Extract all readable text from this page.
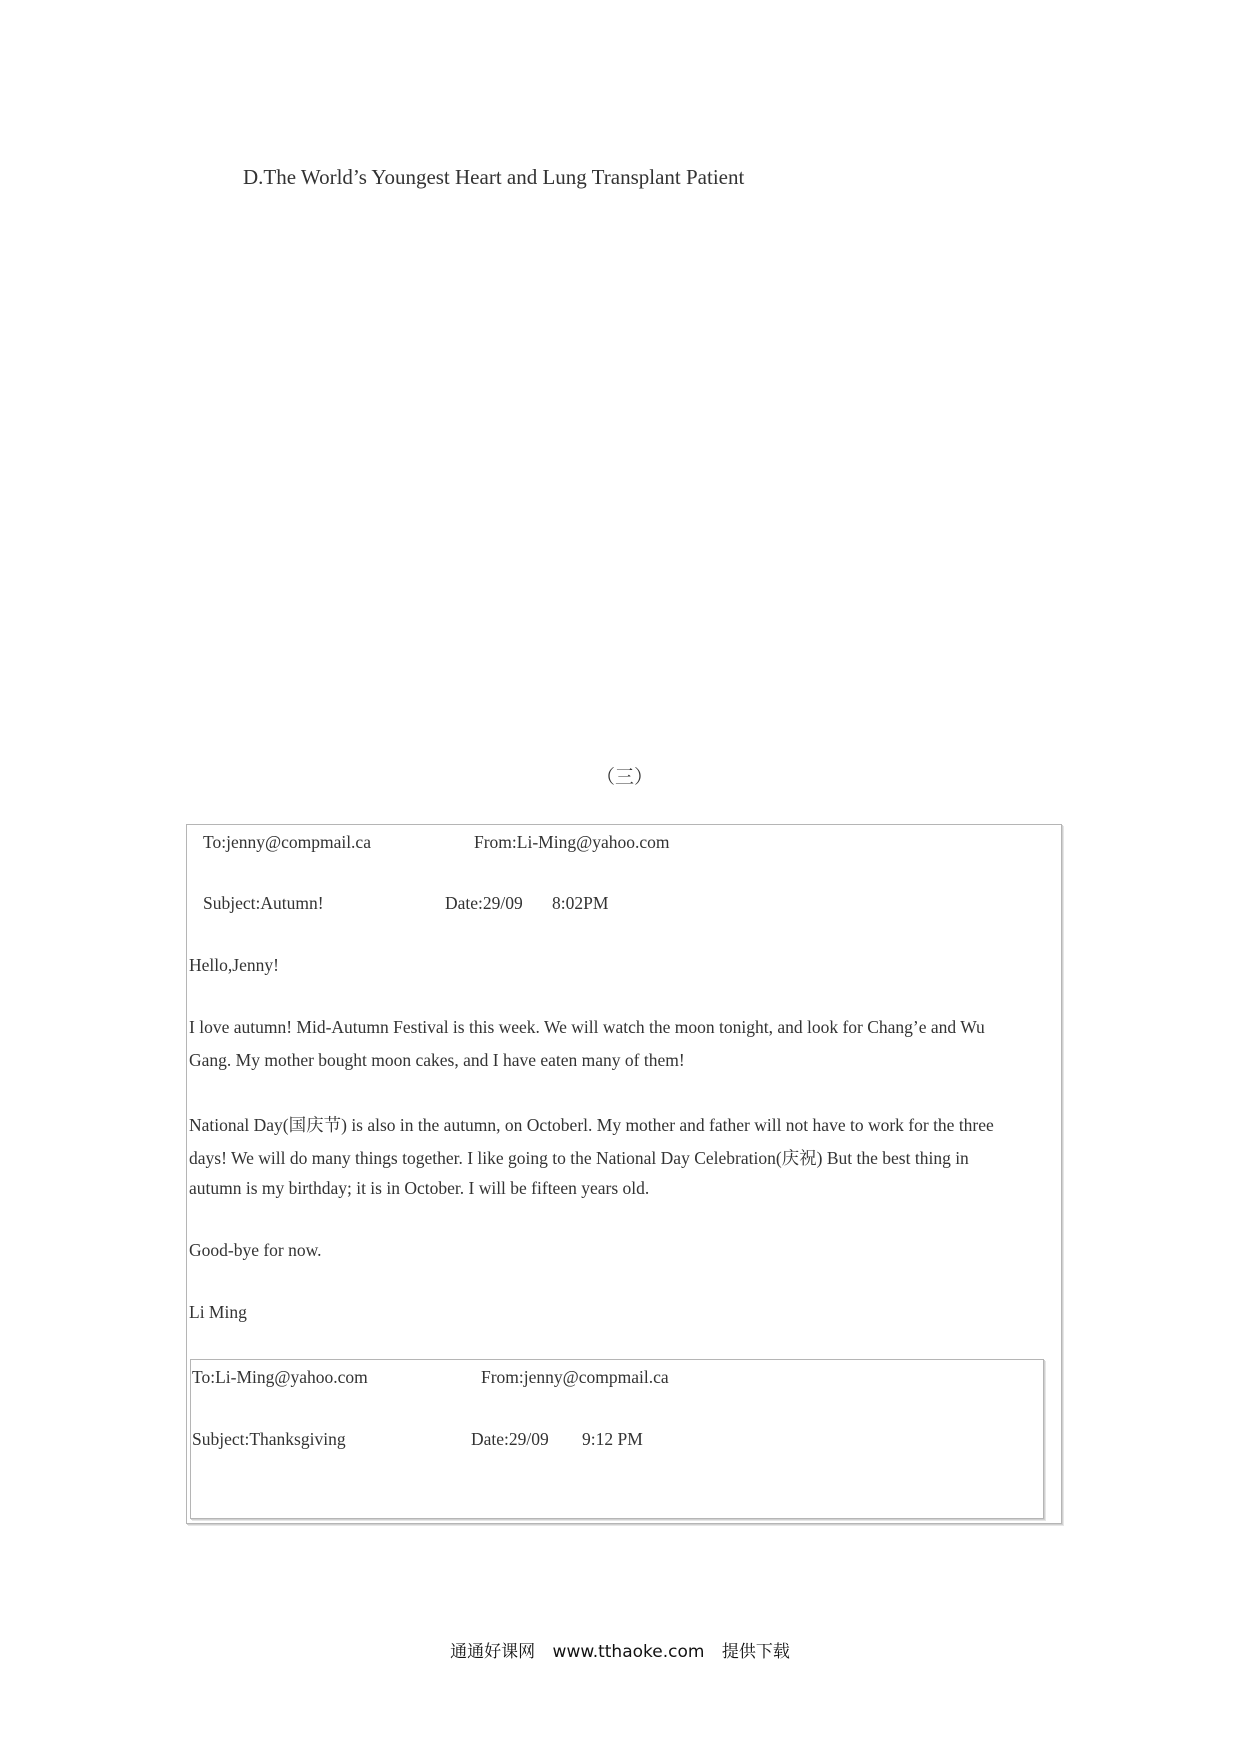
D.The World’s Youngest Heart and Lung Transplant Patient
（三）
To:jenny@compmail.ca	From:Li-Ming@yahoo.com
Subject:Autumn!	Date:29/09 8:02PM
Hello,Jenny!
I love autumn! Mid-Autumn Festival is this week. We will watch the moon tonight, and look for Chang’e and Wu
Gang. My mother bought moon cakes, and I have eaten many of them!
National Day(国庆节) is also in the autumn, on Octoberl. My mother and father will not have to work for the three
days! We will do many things together. I like going to the National Day Celebration(庆祝) But the best thing in
autumn is my birthday; it is in October. I will be fifteen years old.
Good-bye for now.
Li Ming
To:Li-Ming@yahoo.com	From:jenny@compmail.ca
Subject:Thanksgiving	Date:29/09 9:12 PM
通通好课网 www.tthaoke.com 提供下载
